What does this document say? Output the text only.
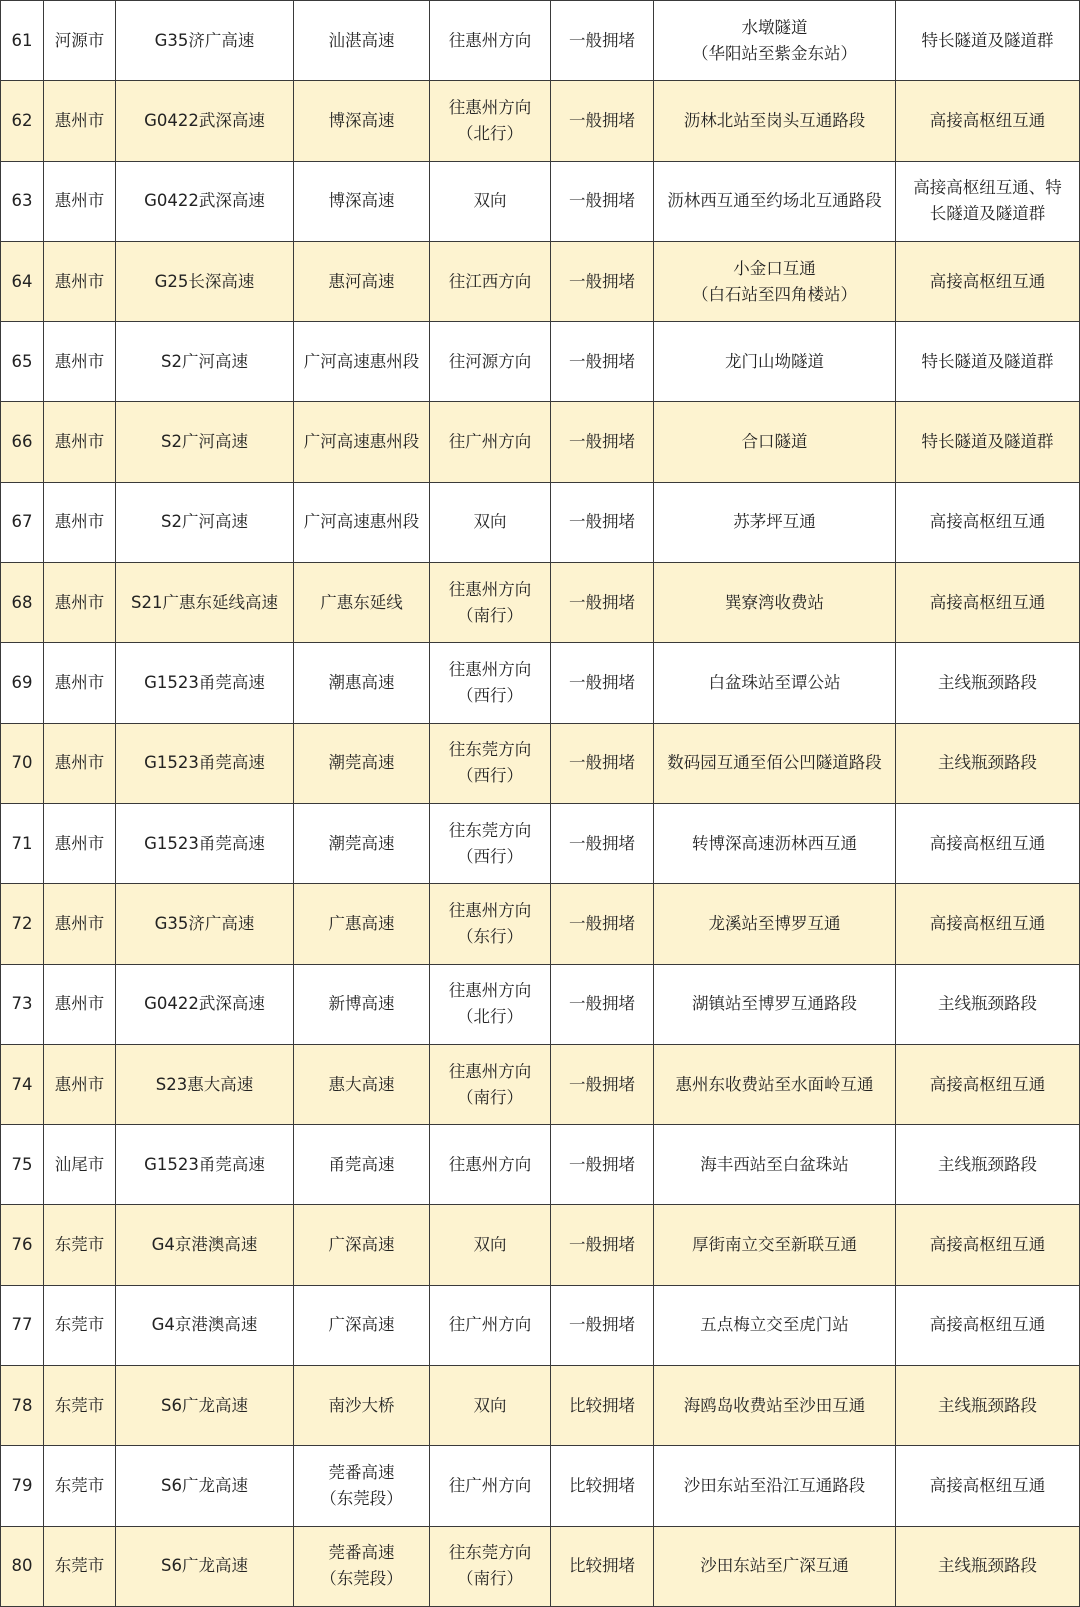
61	河源市	G35济广高速	汕湛高速	往惠州方向	一般拥堵	水墩隧道
（华阳站至紫金东站）	特长隧道及隧道群
62	惠州市	G0422武深高速	博深高速	往惠州方向
（北行）	一般拥堵	沥林北站至岗头互通路段	高接高枢纽互通
63	惠州市	G0422武深高速	博深高速	双向	一般拥堵	沥林西互通至约场北互通路段	高接高枢纽互通、特
长隧道及隧道群
64	惠州市	G25长深高速	惠河高速	往江西方向	一般拥堵	小金口互通
（白石站至四角楼站）	高接高枢纽互通
65	惠州市	S2广河高速	广河高速惠州段	往河源方向	一般拥堵	龙门山坳隧道	特长隧道及隧道群
66	惠州市	S2广河高速	广河高速惠州段	往广州方向	一般拥堵	合口隧道	特长隧道及隧道群
67	惠州市	S2广河高速	广河高速惠州段	双向	一般拥堵	苏茅坪互通	高接高枢纽互通
68	惠州市	S21广惠东延线高速	广惠东延线	往惠州方向
（南行）	一般拥堵	巽寮湾收费站	高接高枢纽互通
69	惠州市	G1523甬莞高速	潮惠高速	往惠州方向
（西行）	一般拥堵	白盆珠站至谭公站	主线瓶颈路段
70	惠州市	G1523甬莞高速	潮莞高速	往东莞方向
（西行）	一般拥堵	数码园互通至佰公凹隧道路段	主线瓶颈路段
71	惠州市	G1523甬莞高速	潮莞高速	往东莞方向
（西行）	一般拥堵	转博深高速沥林西互通	高接高枢纽互通
72	惠州市	G35济广高速	广惠高速	往惠州方向
（东行）	一般拥堵	龙溪站至博罗互通	高接高枢纽互通
73	惠州市	G0422武深高速	新博高速	往惠州方向
（北行）	一般拥堵	湖镇站至博罗互通路段	主线瓶颈路段
74	惠州市	S23惠大高速	惠大高速	往惠州方向
（南行）	一般拥堵	惠州东收费站至水面岭互通	高接高枢纽互通
75	汕尾市	G1523甬莞高速	甬莞高速	往惠州方向	一般拥堵	海丰西站至白盆珠站	主线瓶颈路段
76	东莞市	G4京港澳高速	广深高速	双向	一般拥堵	厚街南立交至新联互通	高接高枢纽互通
77	东莞市	G4京港澳高速	广深高速	往广州方向	一般拥堵	五点梅立交至虎门站	高接高枢纽互通
78	东莞市	S6广龙高速	南沙大桥	双向	比较拥堵	海鸥岛收费站至沙田互通	主线瓶颈路段
79	东莞市	S6广龙高速	莞番高速
（东莞段）	往广州方向	比较拥堵	沙田东站至沿江互通路段	高接高枢纽互通
80	东莞市	S6广龙高速	莞番高速
（东莞段）	往东莞方向
（南行）	比较拥堵	沙田东站至广深互通	主线瓶颈路段
